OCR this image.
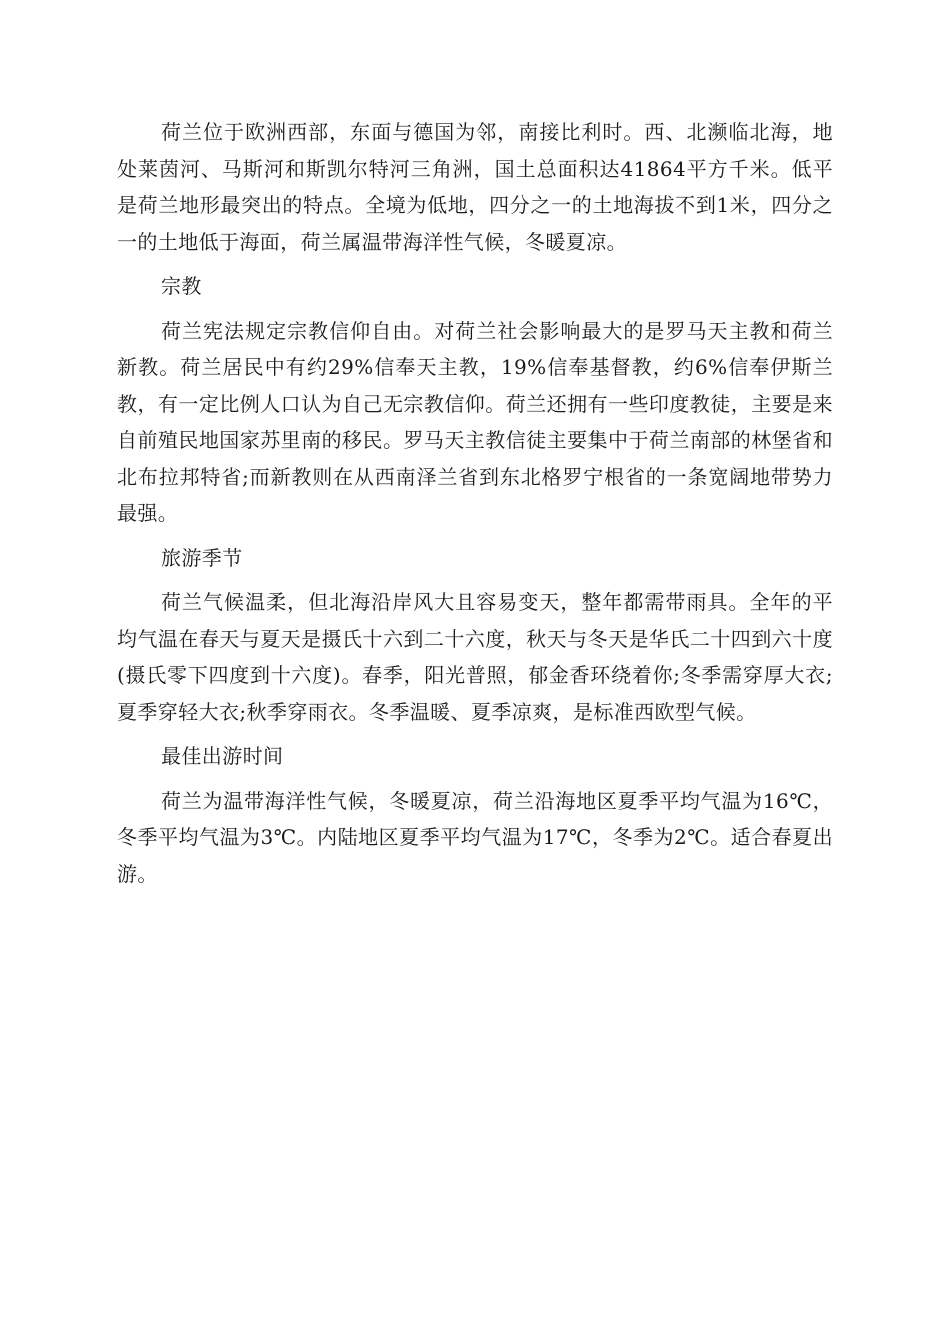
荷兰位于欧洲西部，东面与德国为邻，南接比利时。西、北濒临北海，地处莱茵河、马斯河和斯凯尔特河三角洲，国土总面积达41864平方千米。低平是荷兰地形最突出的特点。全境为低地，四分之一的土地海拔不到1米，四分之一的土地低于海面，荷兰属温带海洋性气候，冬暖夏凉。

宗教

荷兰宪法规定宗教信仰自由。对荷兰社会影响最大的是罗马天主教和荷兰新教。荷兰居民中有约29%信奉天主教，19%信奉基督教，约6%信奉伊斯兰教，有一定比例人口认为自己无宗教信仰。荷兰还拥有一些印度教徒，主要是来自前殖民地国家苏里南的移民。罗马天主教信徒主要集中于荷兰南部的林堡省和北布拉邦特省;而新教则在从西南泽兰省到东北格罗宁根省的一条宽阔地带势力最强。

旅游季节

荷兰气候温柔，但北海沿岸风大且容易变天，整年都需带雨具。全年的平均气温在春天与夏天是摄氏十六到二十六度，秋天与冬天是华氏二十四到六十度(摄氏零下四度到十六度)。春季，阳光普照，郁金香环绕着你;冬季需穿厚大衣;夏季穿轻大衣;秋季穿雨衣。冬季温暖、夏季凉爽，是标准西欧型气候。

最佳出游时间

荷兰为温带海洋性气候，冬暖夏凉，荷兰沿海地区夏季平均气温为16℃，冬季平均气温为3℃。内陆地区夏季平均气温为17℃，冬季为2℃。适合春夏出游。
